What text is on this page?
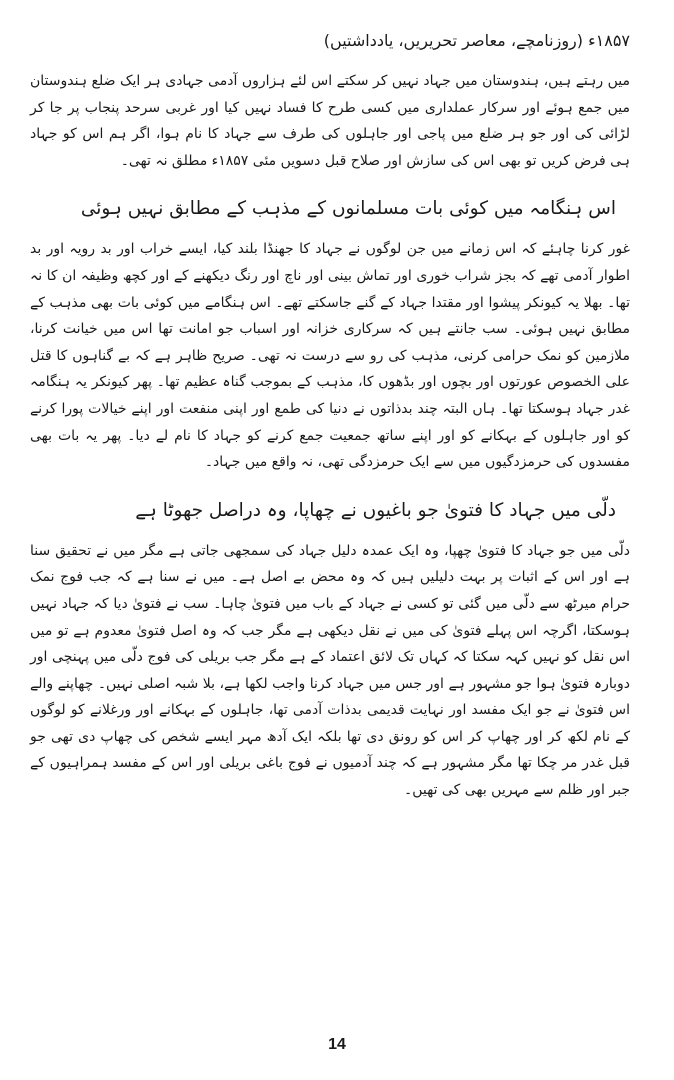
۱۸۵۷ء (روزنامچے، معاصر تحریریں، یادداشتیں)

میں رہتے ہیں، ہندوستان میں جہاد نہیں کر سکتے اس لئے ہزاروں آدمی جہادی ہر ایک ضلع ہندوستان میں جمع ہوئے اور سرکار عملداری میں کسی طرح کا فساد نہیں کیا اور غربی سرحد پنجاب پر جا کر لڑائی کی اور جو ہر ضلع میں پاجی اور جاہلوں کی طرف سے جہاد کا نام ہوا، اگر ہم اس کو جہاد ہی فرض کریں تو بھی اس کی سازش اور صلاح قبل دسویں مئی ۱۸۵۷ء مطلق نہ تھی۔

اس ہنگامہ میں کوئی بات مسلمانوں کے مذہب کے مطابق نہیں ہوئی

غور کرنا چاہئے کہ اس زمانے میں جن لوگوں نے جہاد کا جھنڈا بلند کیا، ایسے خراب اور بد رویہ اور بد اطوار آدمی تھے کہ بجز شراب خوری اور تماش بینی اور ناچ اور رنگ دیکھنے کے اور کچھ وظیفہ ان کا نہ تھا۔ بھلا یہ کیونکر پیشوا اور مقتدا جہاد کے گنے جاسکتے تھے۔ اس ہنگامے میں کوئی بات بھی مذہب کے مطابق نہیں ہوئی۔ سب جانتے ہیں کہ سرکاری خزانہ اور اسباب جو امانت تھا اس میں خیانت کرنا، ملازمین کو نمک حرامی کرنی، مذہب کی رو سے درست نہ تھی۔ صریح ظاہر ہے کہ بے گناہوں کا قتل علی الخصوص عورتوں اور بچوں اور بڈھوں کا، مذہب کے بموجب گناہ عظیم تھا۔ پھر کیونکر یہ ہنگامہ غدر جہاد ہوسکتا تھا۔ ہاں البتہ چند بدذاتوں نے دنیا کی طمع اور اپنی منفعت اور اپنے خیالات پورا کرنے کو اور جاہلوں کے بہکانے کو اور اپنے ساتھ جمعیت جمع کرنے کو جہاد کا نام لے دیا۔ پھر یہ بات بھی مفسدوں کی حرمزدگیوں میں سے ایک حرمزدگی تھی، نہ واقع میں جہاد۔

دلّی میں جہاد کا فتویٰ جو باغیوں نے چھاپا، وہ دراصل جھوٹا ہے

دلّی میں جو جہاد کا فتویٰ چھپا، وہ ایک عمدہ دلیل جہاد کی سمجھی جاتی ہے مگر میں نے تحقیق سنا ہے اور اس کے اثبات پر بہت دلیلیں ہیں کہ وہ محض بے اصل ہے۔ میں نے سنا ہے کہ جب فوج نمک حرام میرٹھ سے دلّی میں گئی تو کسی نے جہاد کے باب میں فتویٰ چاہا۔ سب نے فتویٰ دیا کہ جہاد نہیں ہوسکتا، اگرچہ اس پہلے فتویٰ کی میں نے نقل دیکھی ہے مگر جب کہ وہ اصل فتویٰ معدوم ہے تو میں اس نقل کو نہیں کہہ سکتا کہ کہاں تک لائق اعتماد کے ہے مگر جب بریلی کی فوج دلّی میں پہنچی اور دوبارہ فتویٰ ہوا جو مشہور ہے اور جس میں جہاد کرنا واجب لکھا ہے، بلا شبہ اصلی نہیں۔ چھاپنے والے اس فتویٰ نے جو ایک مفسد اور نہایت قدیمی بدذات آدمی تھا، جاہلوں کے بہکانے اور ورغلانے کو لوگوں کے نام لکھ کر اور چھاپ کر اس کو رونق دی تھا بلکہ ایک آدھ مہر ایسے شخص کی چھاپ دی تھی جو قبل غدر مر چکا تھا مگر مشہور ہے کہ چند آدمیوں نے فوج باغی بریلی اور اس کے مفسد ہمراہیوں کے جبر اور ظلم سے مہریں بھی کی تھیں۔

14
